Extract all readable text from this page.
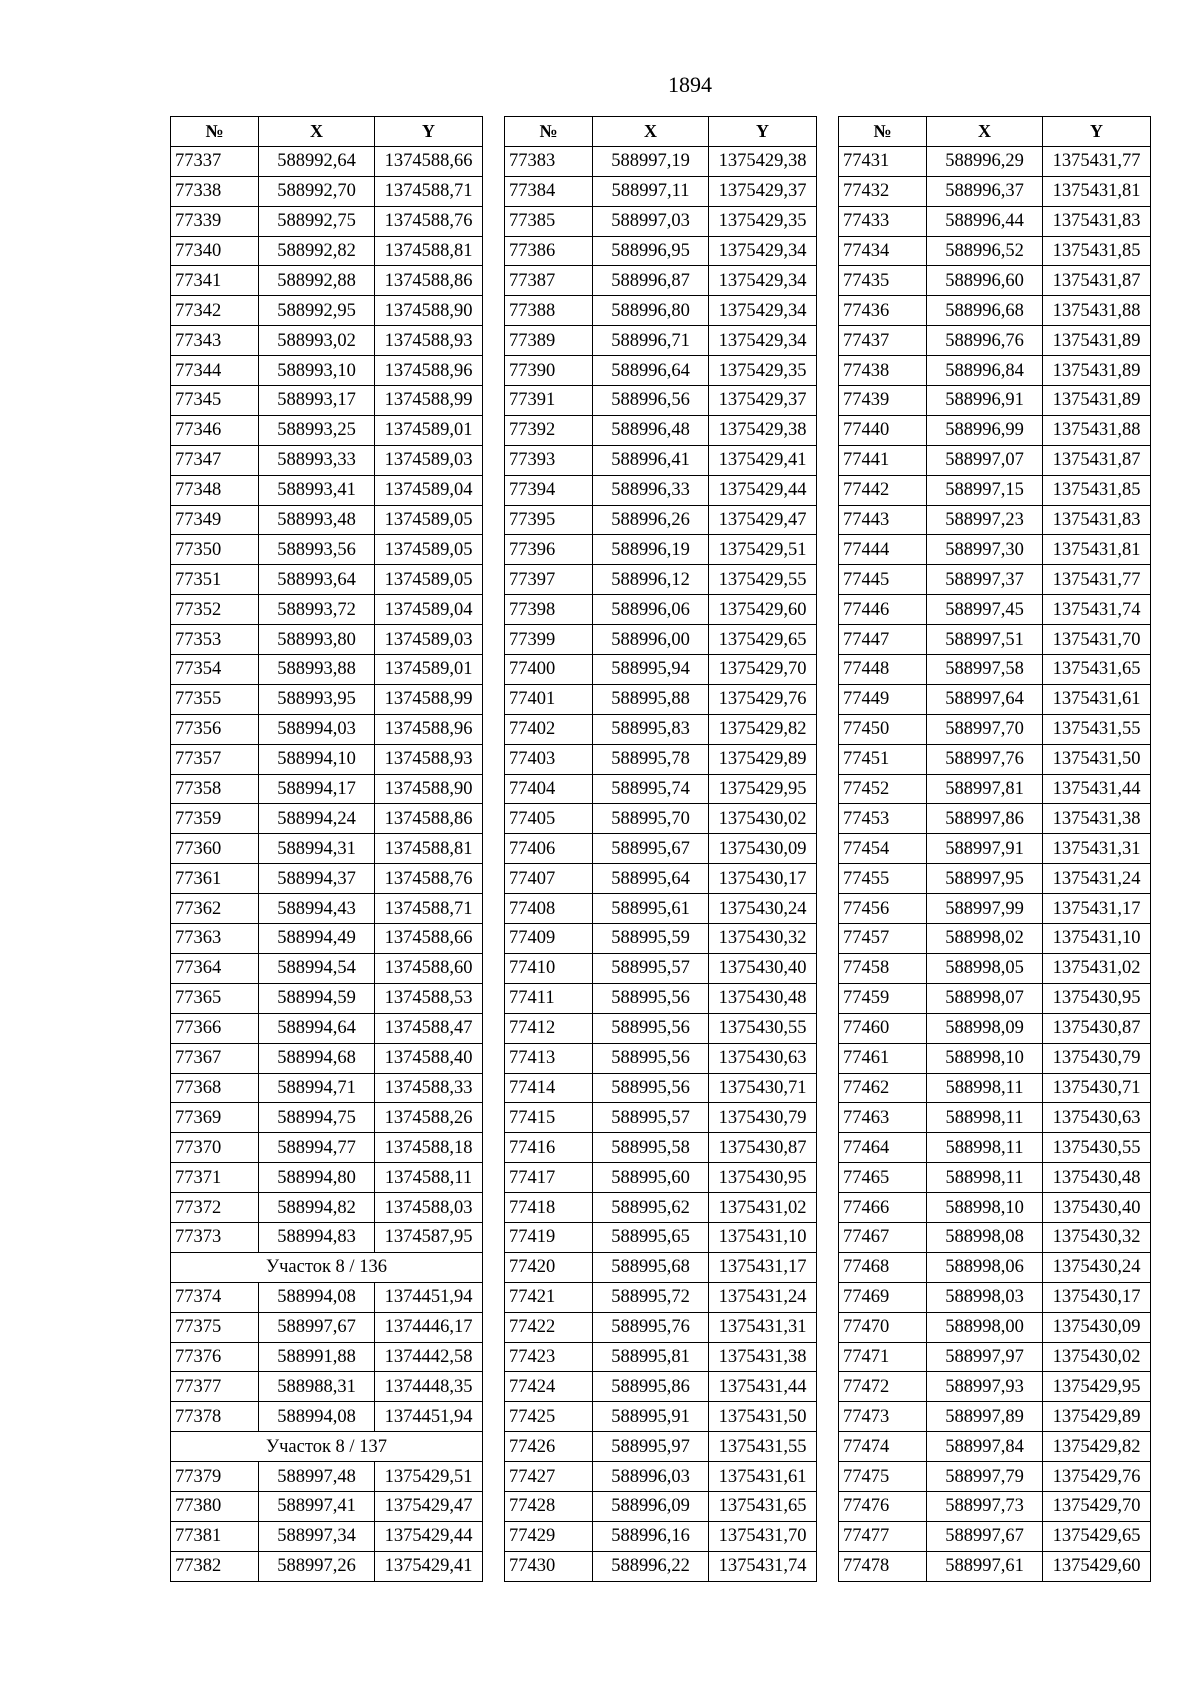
1894
№	X	Y
77337	588992,64	1374588,66
77338	588992,70	1374588,71
77339	588992,75	1374588,76
77340	588992,82	1374588,81
77341	588992,88	1374588,86
77342	588992,95	1374588,90
77343	588993,02	1374588,93
77344	588993,10	1374588,96
77345	588993,17	1374588,99
77346	588993,25	1374589,01
77347	588993,33	1374589,03
77348	588993,41	1374589,04
77349	588993,48	1374589,05
77350	588993,56	1374589,05
77351	588993,64	1374589,05
77352	588993,72	1374589,04
77353	588993,80	1374589,03
77354	588993,88	1374589,01
77355	588993,95	1374588,99
77356	588994,03	1374588,96
77357	588994,10	1374588,93
77358	588994,17	1374588,90
77359	588994,24	1374588,86
77360	588994,31	1374588,81
77361	588994,37	1374588,76
77362	588994,43	1374588,71
77363	588994,49	1374588,66
77364	588994,54	1374588,60
77365	588994,59	1374588,53
77366	588994,64	1374588,47
77367	588994,68	1374588,40
77368	588994,71	1374588,33
77369	588994,75	1374588,26
77370	588994,77	1374588,18
77371	588994,80	1374588,11
77372	588994,82	1374588,03
77373	588994,83	1374587,95
Участок 8 / 136		
77374	588994,08	1374451,94
77375	588997,67	1374446,17
77376	588991,88	1374442,58
77377	588988,31	1374448,35
77378	588994,08	1374451,94
Участок 8 / 137		
77379	588997,48	1375429,51
77380	588997,41	1375429,47
77381	588997,34	1375429,44
77382	588997,26	1375429,41
№	X	Y
77383	588997,19	1375429,38
77384	588997,11	1375429,37
77385	588997,03	1375429,35
77386	588996,95	1375429,34
77387	588996,87	1375429,34
77388	588996,80	1375429,34
77389	588996,71	1375429,34
77390	588996,64	1375429,35
77391	588996,56	1375429,37
77392	588996,48	1375429,38
77393	588996,41	1375429,41
77394	588996,33	1375429,44
77395	588996,26	1375429,47
77396	588996,19	1375429,51
77397	588996,12	1375429,55
77398	588996,06	1375429,60
77399	588996,00	1375429,65
77400	588995,94	1375429,70
77401	588995,88	1375429,76
77402	588995,83	1375429,82
77403	588995,78	1375429,89
77404	588995,74	1375429,95
77405	588995,70	1375430,02
77406	588995,67	1375430,09
77407	588995,64	1375430,17
77408	588995,61	1375430,24
77409	588995,59	1375430,32
77410	588995,57	1375430,40
77411	588995,56	1375430,48
77412	588995,56	1375430,55
77413	588995,56	1375430,63
77414	588995,56	1375430,71
77415	588995,57	1375430,79
77416	588995,58	1375430,87
77417	588995,60	1375430,95
77418	588995,62	1375431,02
77419	588995,65	1375431,10
77420	588995,68	1375431,17
77421	588995,72	1375431,24
77422	588995,76	1375431,31
77423	588995,81	1375431,38
77424	588995,86	1375431,44
77425	588995,91	1375431,50
77426	588995,97	1375431,55
77427	588996,03	1375431,61
77428	588996,09	1375431,65
77429	588996,16	1375431,70
77430	588996,22	1375431,74
№	X	Y
77431	588996,29	1375431,77
77432	588996,37	1375431,81
77433	588996,44	1375431,83
77434	588996,52	1375431,85
77435	588996,60	1375431,87
77436	588996,68	1375431,88
77437	588996,76	1375431,89
77438	588996,84	1375431,89
77439	588996,91	1375431,89
77440	588996,99	1375431,88
77441	588997,07	1375431,87
77442	588997,15	1375431,85
77443	588997,23	1375431,83
77444	588997,30	1375431,81
77445	588997,37	1375431,77
77446	588997,45	1375431,74
77447	588997,51	1375431,70
77448	588997,58	1375431,65
77449	588997,64	1375431,61
77450	588997,70	1375431,55
77451	588997,76	1375431,50
77452	588997,81	1375431,44
77453	588997,86	1375431,38
77454	588997,91	1375431,31
77455	588997,95	1375431,24
77456	588997,99	1375431,17
77457	588998,02	1375431,10
77458	588998,05	1375431,02
77459	588998,07	1375430,95
77460	588998,09	1375430,87
77461	588998,10	1375430,79
77462	588998,11	1375430,71
77463	588998,11	1375430,63
77464	588998,11	1375430,55
77465	588998,11	1375430,48
77466	588998,10	1375430,40
77467	588998,08	1375430,32
77468	588998,06	1375430,24
77469	588998,03	1375430,17
77470	588998,00	1375430,09
77471	588997,97	1375430,02
77472	588997,93	1375429,95
77473	588997,89	1375429,89
77474	588997,84	1375429,82
77475	588997,79	1375429,76
77476	588997,73	1375429,70
77477	588997,67	1375429,65
77478	588997,61	1375429,60
